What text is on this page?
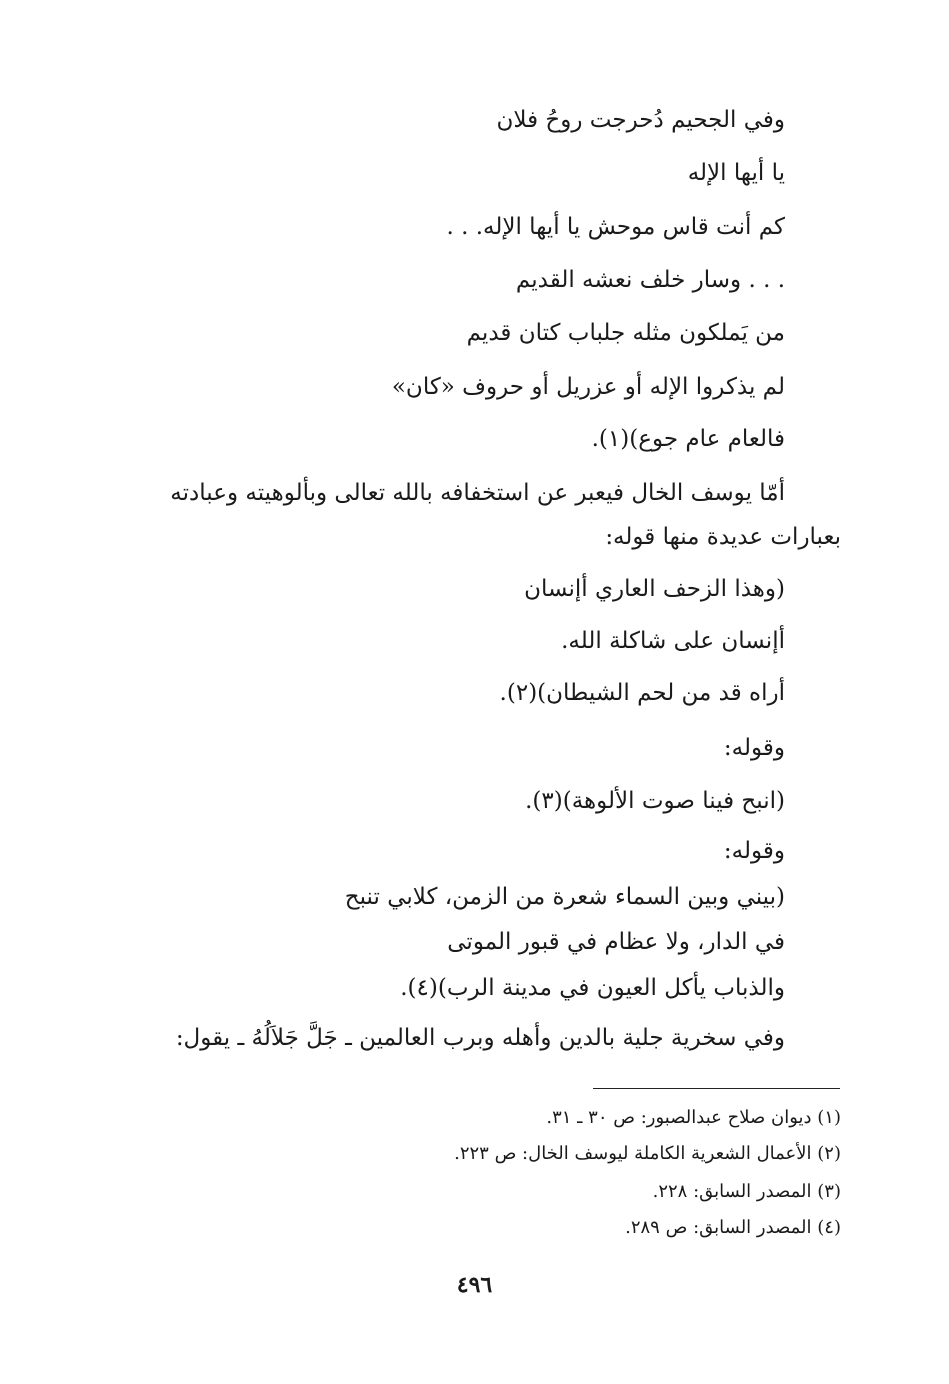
وفي الجحيم دُحرجت روحُ فلان
يا أيها الإله
كم أنت قاس موحش يا أيها الإله. . .
. . . وسار خلف نعشه القديم
من يَملكون مثله جلباب كتان قديم
لم يذكروا الإله أو عزريل أو حروف «كان»
فالعام عام جوع)(١).
أمّا يوسف الخال فيعبر عن استخفافه بالله تعالى وبألوهيته وعبادته
بعبارات عديدة منها قوله:
(وهذا الزحف العاري أإنسان
أإنسان على شاكلة الله.
أراه قد من لحم الشيطان)(٢).
وقوله:
(انبح فينا صوت الألوهة)(٣).
وقوله:
(بيني وبين السماء شعرة من الزمن، كلابي تنبح
في الدار، ولا عظام في قبور الموتى
والذباب يأكل العيون في مدينة الرب)(٤).
وفي سخرية جلية بالدين وأهله وبرب العالمين ـ جَلَّ جَلاَلُهُ ـ يقول:
(١) ديوان صلاح عبدالصبور: ص ٣٠ ـ ٣١.
(٢) الأعمال الشعرية الكاملة ليوسف الخال: ص ٢٢٣.
(٣) المصدر السابق: ٢٢٨.
(٤) المصدر السابق: ص ٢٨٩.
٤٩٦
